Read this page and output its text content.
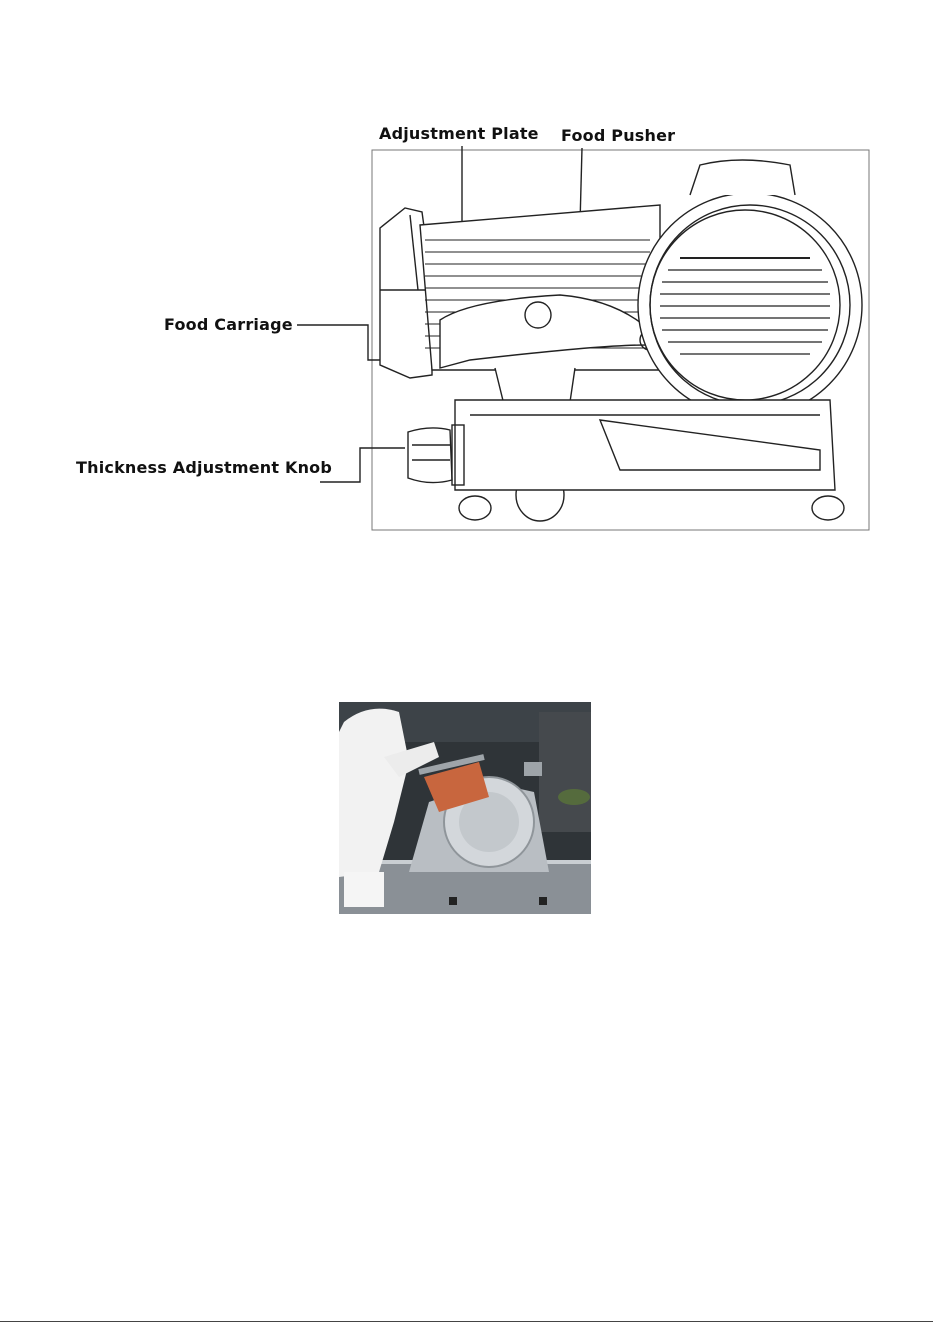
Adjustment Plate Food Pusher
Food Carriage
Thickness Adjustment Knob
